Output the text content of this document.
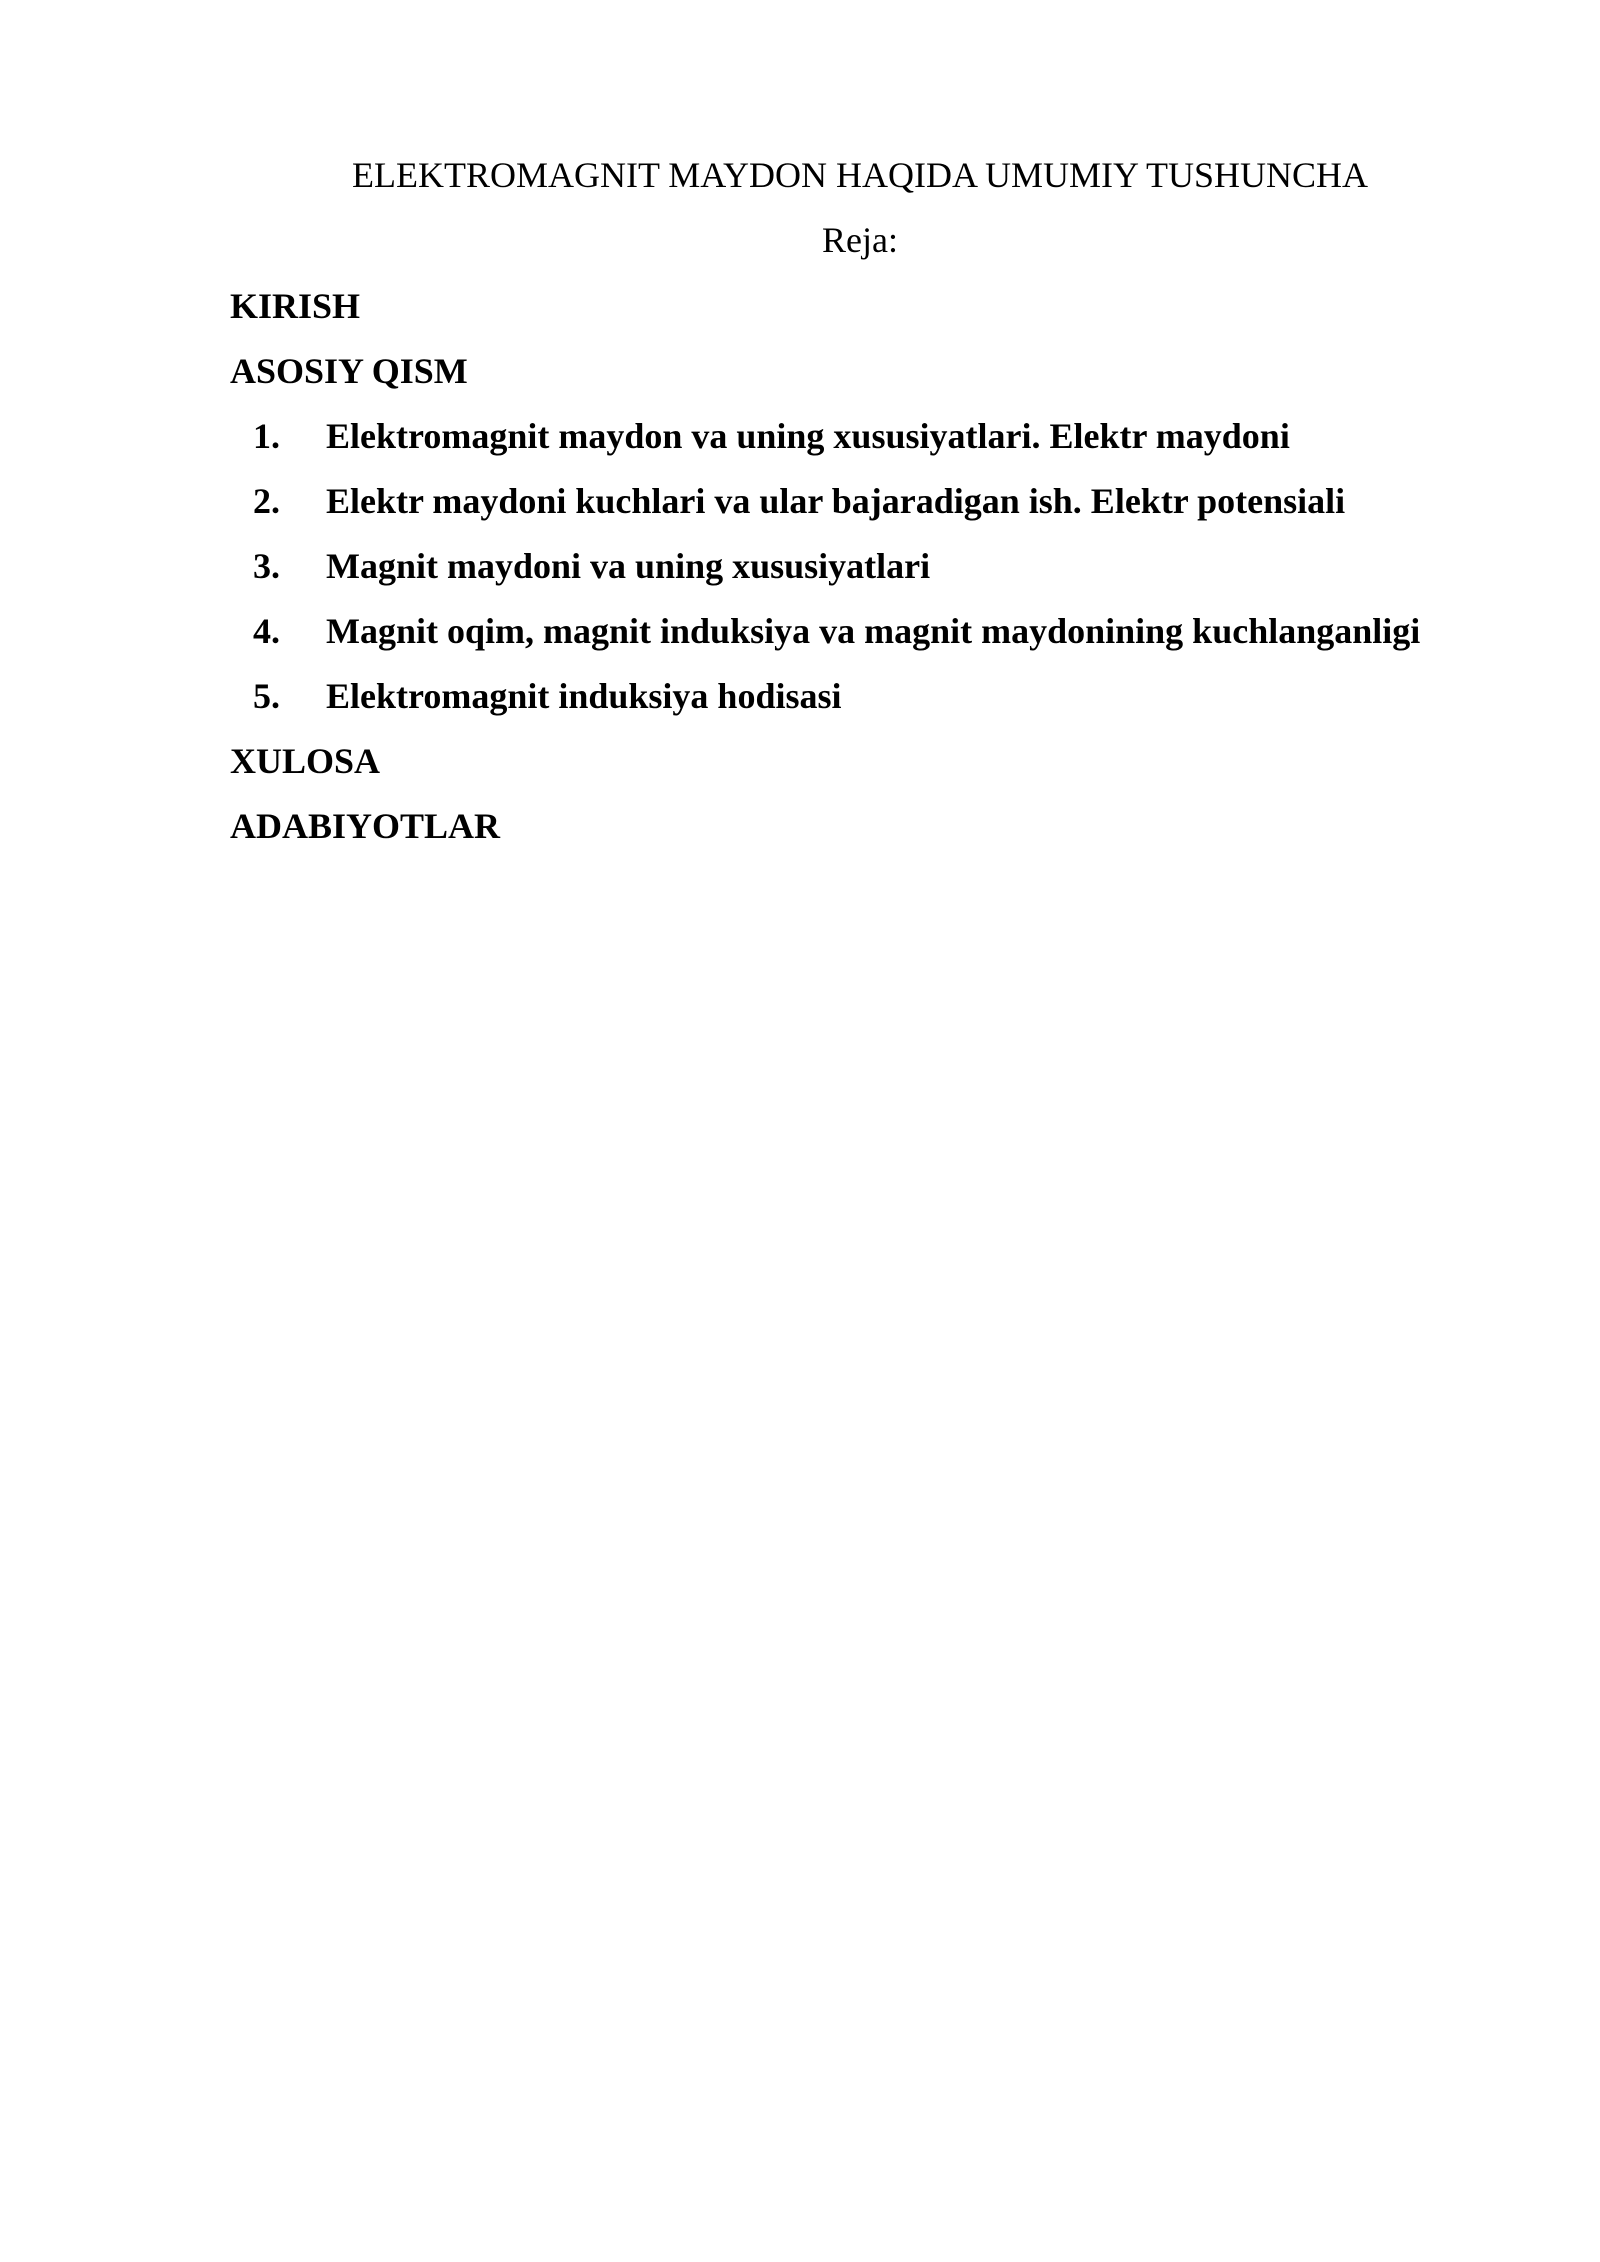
ELEKTROMAGNIT MAYDON HAQIDA UMUMIY TUSHUNCHA
Reja:
KIRISH
ASOSIY QISM
1. Elektromagnit maydon va uning xususiyatlari. Elektr maydoni
2. Elektr maydoni kuchlari va ular bajaradigan ish. Elektr potensiali
3. Magnit maydoni va uning xususiyatlari
4. Magnit oqim, magnit induksiya va magnit maydonining kuchlanganligi
5. Elektromagnit induksiya hodisasi
XULOSA
ADABIYOTLAR
